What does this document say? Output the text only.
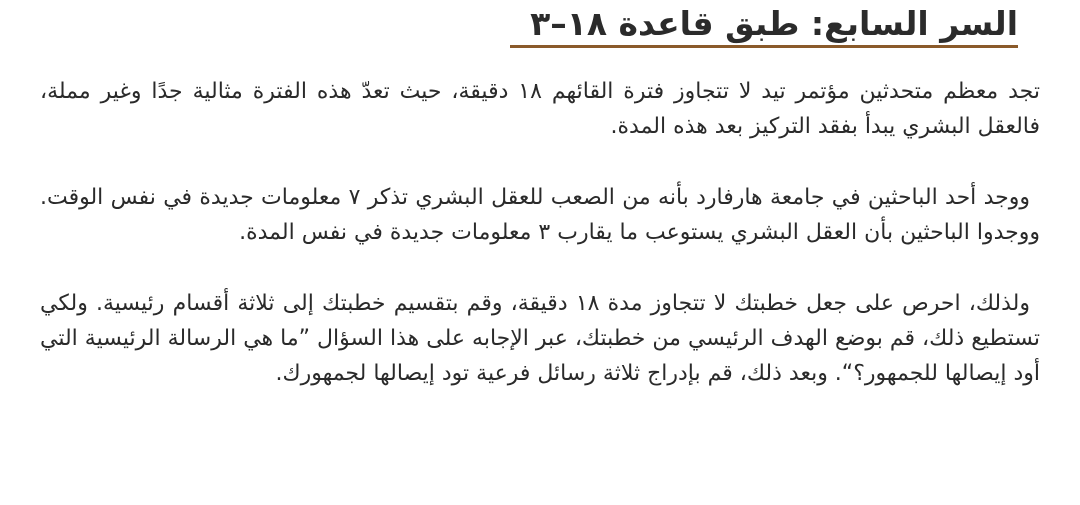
السر السابع: طبق قاعدة ١٨–٣

تجد معظم متحدثين مؤتمر تيد لا تتجاوز فترة القائهم ١٨ دقيقة، حيث تعدّ هذه الفترة مثالية جدًا وغير مملة، فالعقل البشري يبدأ بفقد التركيز بعد هذه المدة.

ووجد أحد الباحثين في جامعة هارفارد بأنه من الصعب للعقل البشري تذكر ٧ معلومات جديدة في نفس الوقت. ووجدوا الباحثين بأن العقل البشري يستوعب ما يقارب ٣ معلومات جديدة في نفس المدة.

ولذلك، احرص على جعل خطبتك لا تتجاوز مدة ١٨ دقيقة، وقم بتقسيم خطبتك إلى ثلاثة أقسام رئيسية. ولكي تستطيع ذلك، قم بوضع الهدف الرئيسي من خطبتك، عبر الإجابه على هذا السؤال ”ما هي الرسالة الرئيسية التي أود إيصالها للجمهور؟“. وبعد ذلك، قم بإدراج ثلاثة رسائل فرعية تود إيصالها لجمهورك.
